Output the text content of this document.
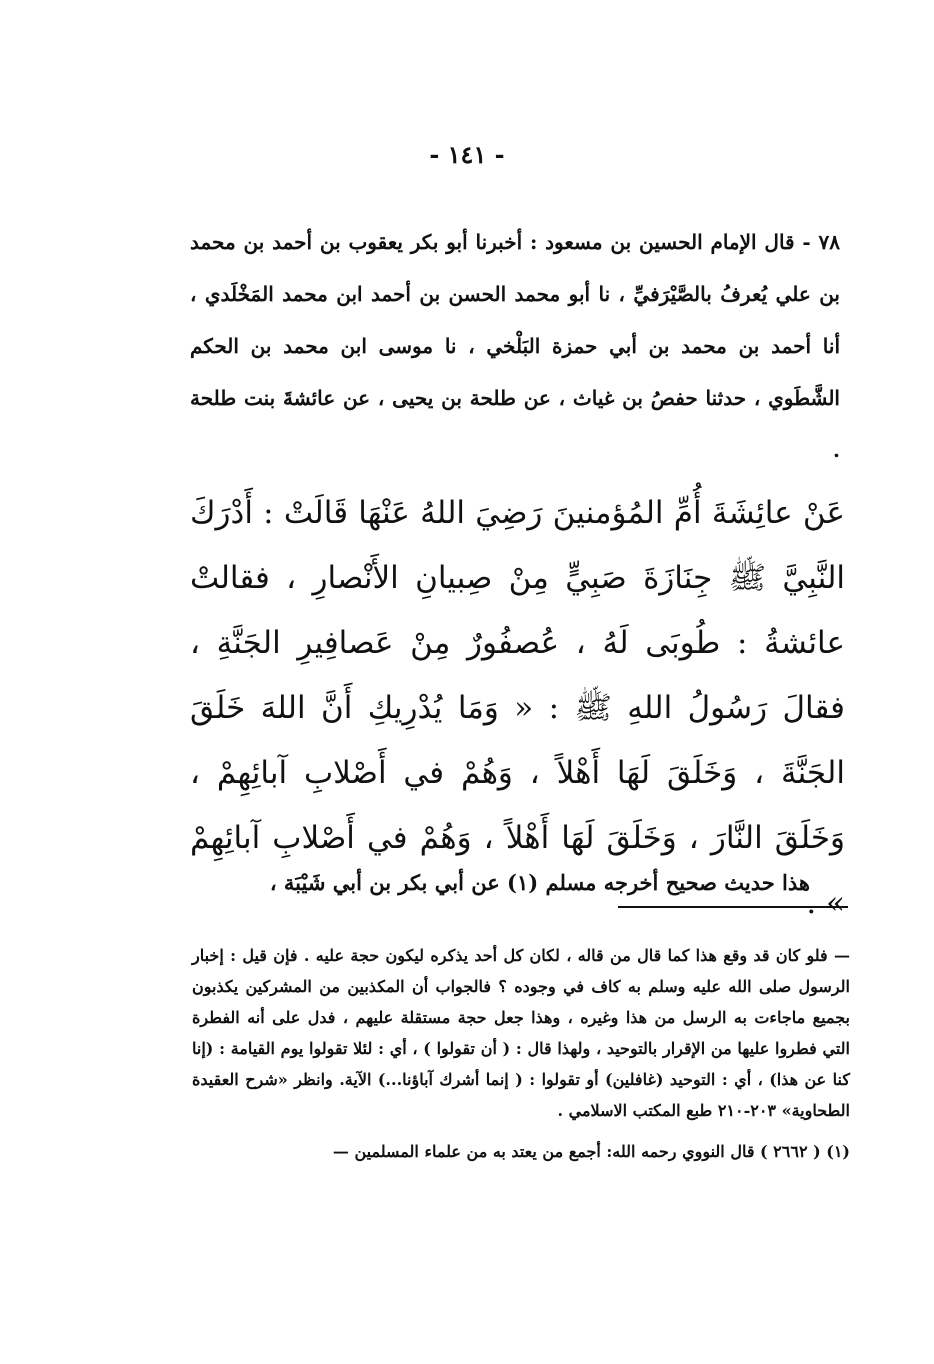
- ١٤١ -

٧٨ - قال الإمام الحسين بن مسعود : أخبرنا أبو بكر يعقوب بن أحمد بن محمد بن علي يُعرفُ بالصَّيْرَفيِّ ، نا أبو محمد الحسن بن أحمد ابن محمد المَخْلَدي ، أنا أحمد بن محمد بن أبي حمزة البَلْخي ، نا موسى ابن محمد بن الحكم الشَّطَوي ، حدثنا حفصُ بن غياث ، عن طلحة بن يحيى ، عن عائشةَ بنت طلحة .

عَنْ عائِشَةَ أُمِّ المُؤمنينَ رَضِيَ اللهُ عَنْهَا قَالَتْ : أَدْرَكَ النَّبِيَّ ﷺ جِنَازَةَ صَبِيٍّ مِنْ صِبيانِ الأَنْصارِ ، فقالتْ عائشةُ : طُوبَى لَهُ ، عُصفُورٌ مِنْ عَصافِيرِ الجَنَّةِ ، فقالَ رَسُولُ اللهِ ﷺ : « وَمَا يُدْرِيكِ أَنَّ اللهَ خَلَقَ الجَنَّةَ ، وَخَلَقَ لَهَا أَهْلاً ، وَهُمْ في أَصْلابِ آبائِهِمْ ، وَخَلَقَ النَّارَ ، وَخَلَقَ لَهَا أَهْلاً ، وَهُمْ في أَصْلابِ آبائِهِمْ » .

هذا حديث صحيح أخرجه مسلم (١) عن أبي بكر بن أبي شَيْبَة ،

— فلو كان قد وقع هذا كما قال من قاله ، لكان كل أحد يذكره ليكون حجة عليه . فإن قيل : إخبار الرسول صلى الله عليه وسلم به كاف في وجوده ؟ فالجواب أن المكذبين من المشركين يكذبون بجميع ماجاءت به الرسل من هذا وغيره ، وهذا جعل حجة مستقلة عليهم ، فدل على أنه الفطرة التي فطروا عليها من الإقرار بالتوحيد ، ولهذا قال : ( أن تقولوا ) ، أي : لئلا تقولوا يوم القيامة : (إنا كنا عن هذا) ، أي : التوحيد (غافلين) أو تقولوا : ( إنما أشرك آباؤنا...) الآية. وانظر «شرح العقيدة الطحاوية» ٢٠٣-٢١٠ طبع المكتب الاسلامي .

(١) ( ٢٦٦٢ ) قال النووي رحمه الله: أجمع من يعتد به من علماء المسلمين —
